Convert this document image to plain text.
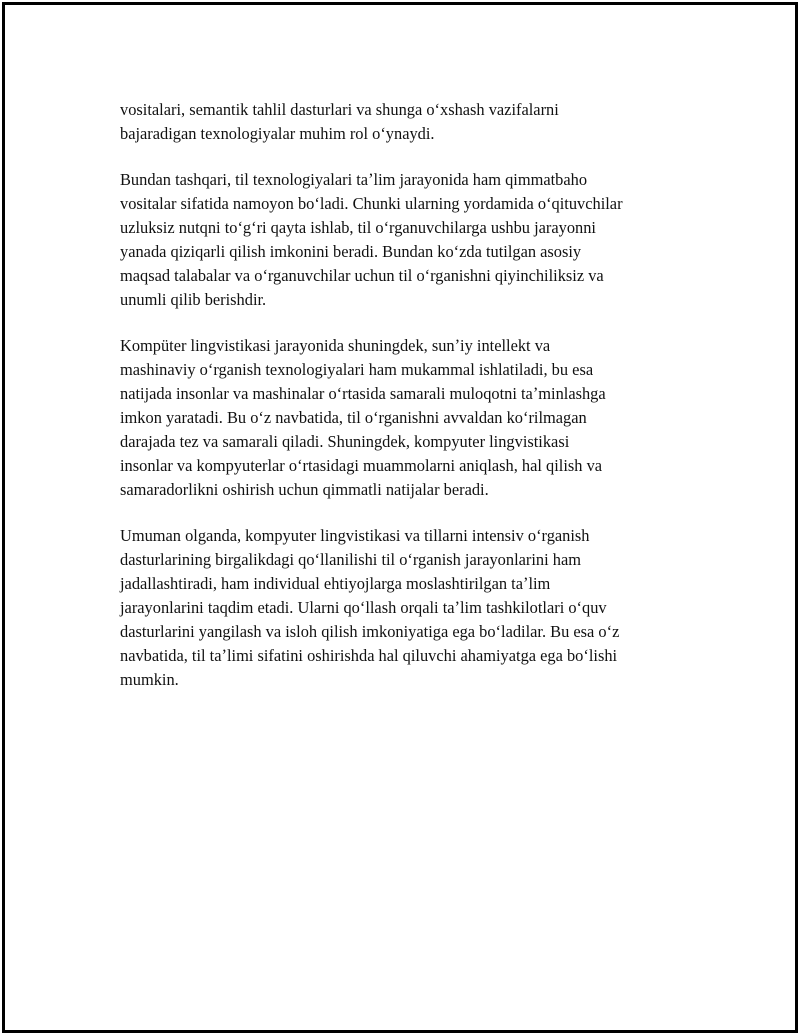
vositalari, semantik tahlil dasturlari va shunga oʻxshash vazifalarni
bajaradigan texnologiyalar muhim rol oʻynaydi.

Bundan tashqari, til texnologiyalari taʼlim jarayonida ham qimmatbaho
vositalar sifatida namoyon boʻladi. Chunki ularning yordamida oʻqituvchilar
uzluksiz nutqni toʻgʻri qayta ishlab, til oʻrganuvchilarga ushbu jarayonni
yanada qiziqarli qilish imkonini beradi. Bundan koʻzda tutilgan asosiy
maqsad talabalar va oʻrganuvchilar uchun til oʻrganishni qiyinchiliksiz va
unumli qilib berishdir.

Kompüter lingvistikasi jarayonida shuningdek, sunʼiy intellekt va
mashinaviy oʻrganish texnologiyalari ham mukammal ishlatiladi, bu esa
natijada insonlar va mashinalar oʻrtasida samarali muloqotni taʼminlashga
imkon yaratadi. Bu oʻz navbatida, til oʻrganishni avvaldan koʻrilmagan
darajada tez va samarali qiladi. Shuningdek, kompyuter lingvistikasi
insonlar va kompyuterlar oʻrtasidagi muammolarni aniqlash, hal qilish va
samaradorlikni oshirish uchun qimmatli natijalar beradi.

Umuman olganda, kompyuter lingvistikasi va tillarni intensiv oʻrganish
dasturlarining birgalikdagi qoʻllanilishi til oʻrganish jarayonlarini ham
jadallashtiradi, ham individual ehtiyojlarga moslashtirilgan taʼlim
jarayonlarini taqdim etadi. Ularni qoʻllash orqali taʼlim tashkilotlari oʻquv
dasturlarini yangilash va isloh qilish imkoniyatiga ega boʻladilar. Bu esa oʻz
navbatida, til taʼlimi sifatini oshirishda hal qiluvchi ahamiyatga ega boʻlishi
mumkin.
